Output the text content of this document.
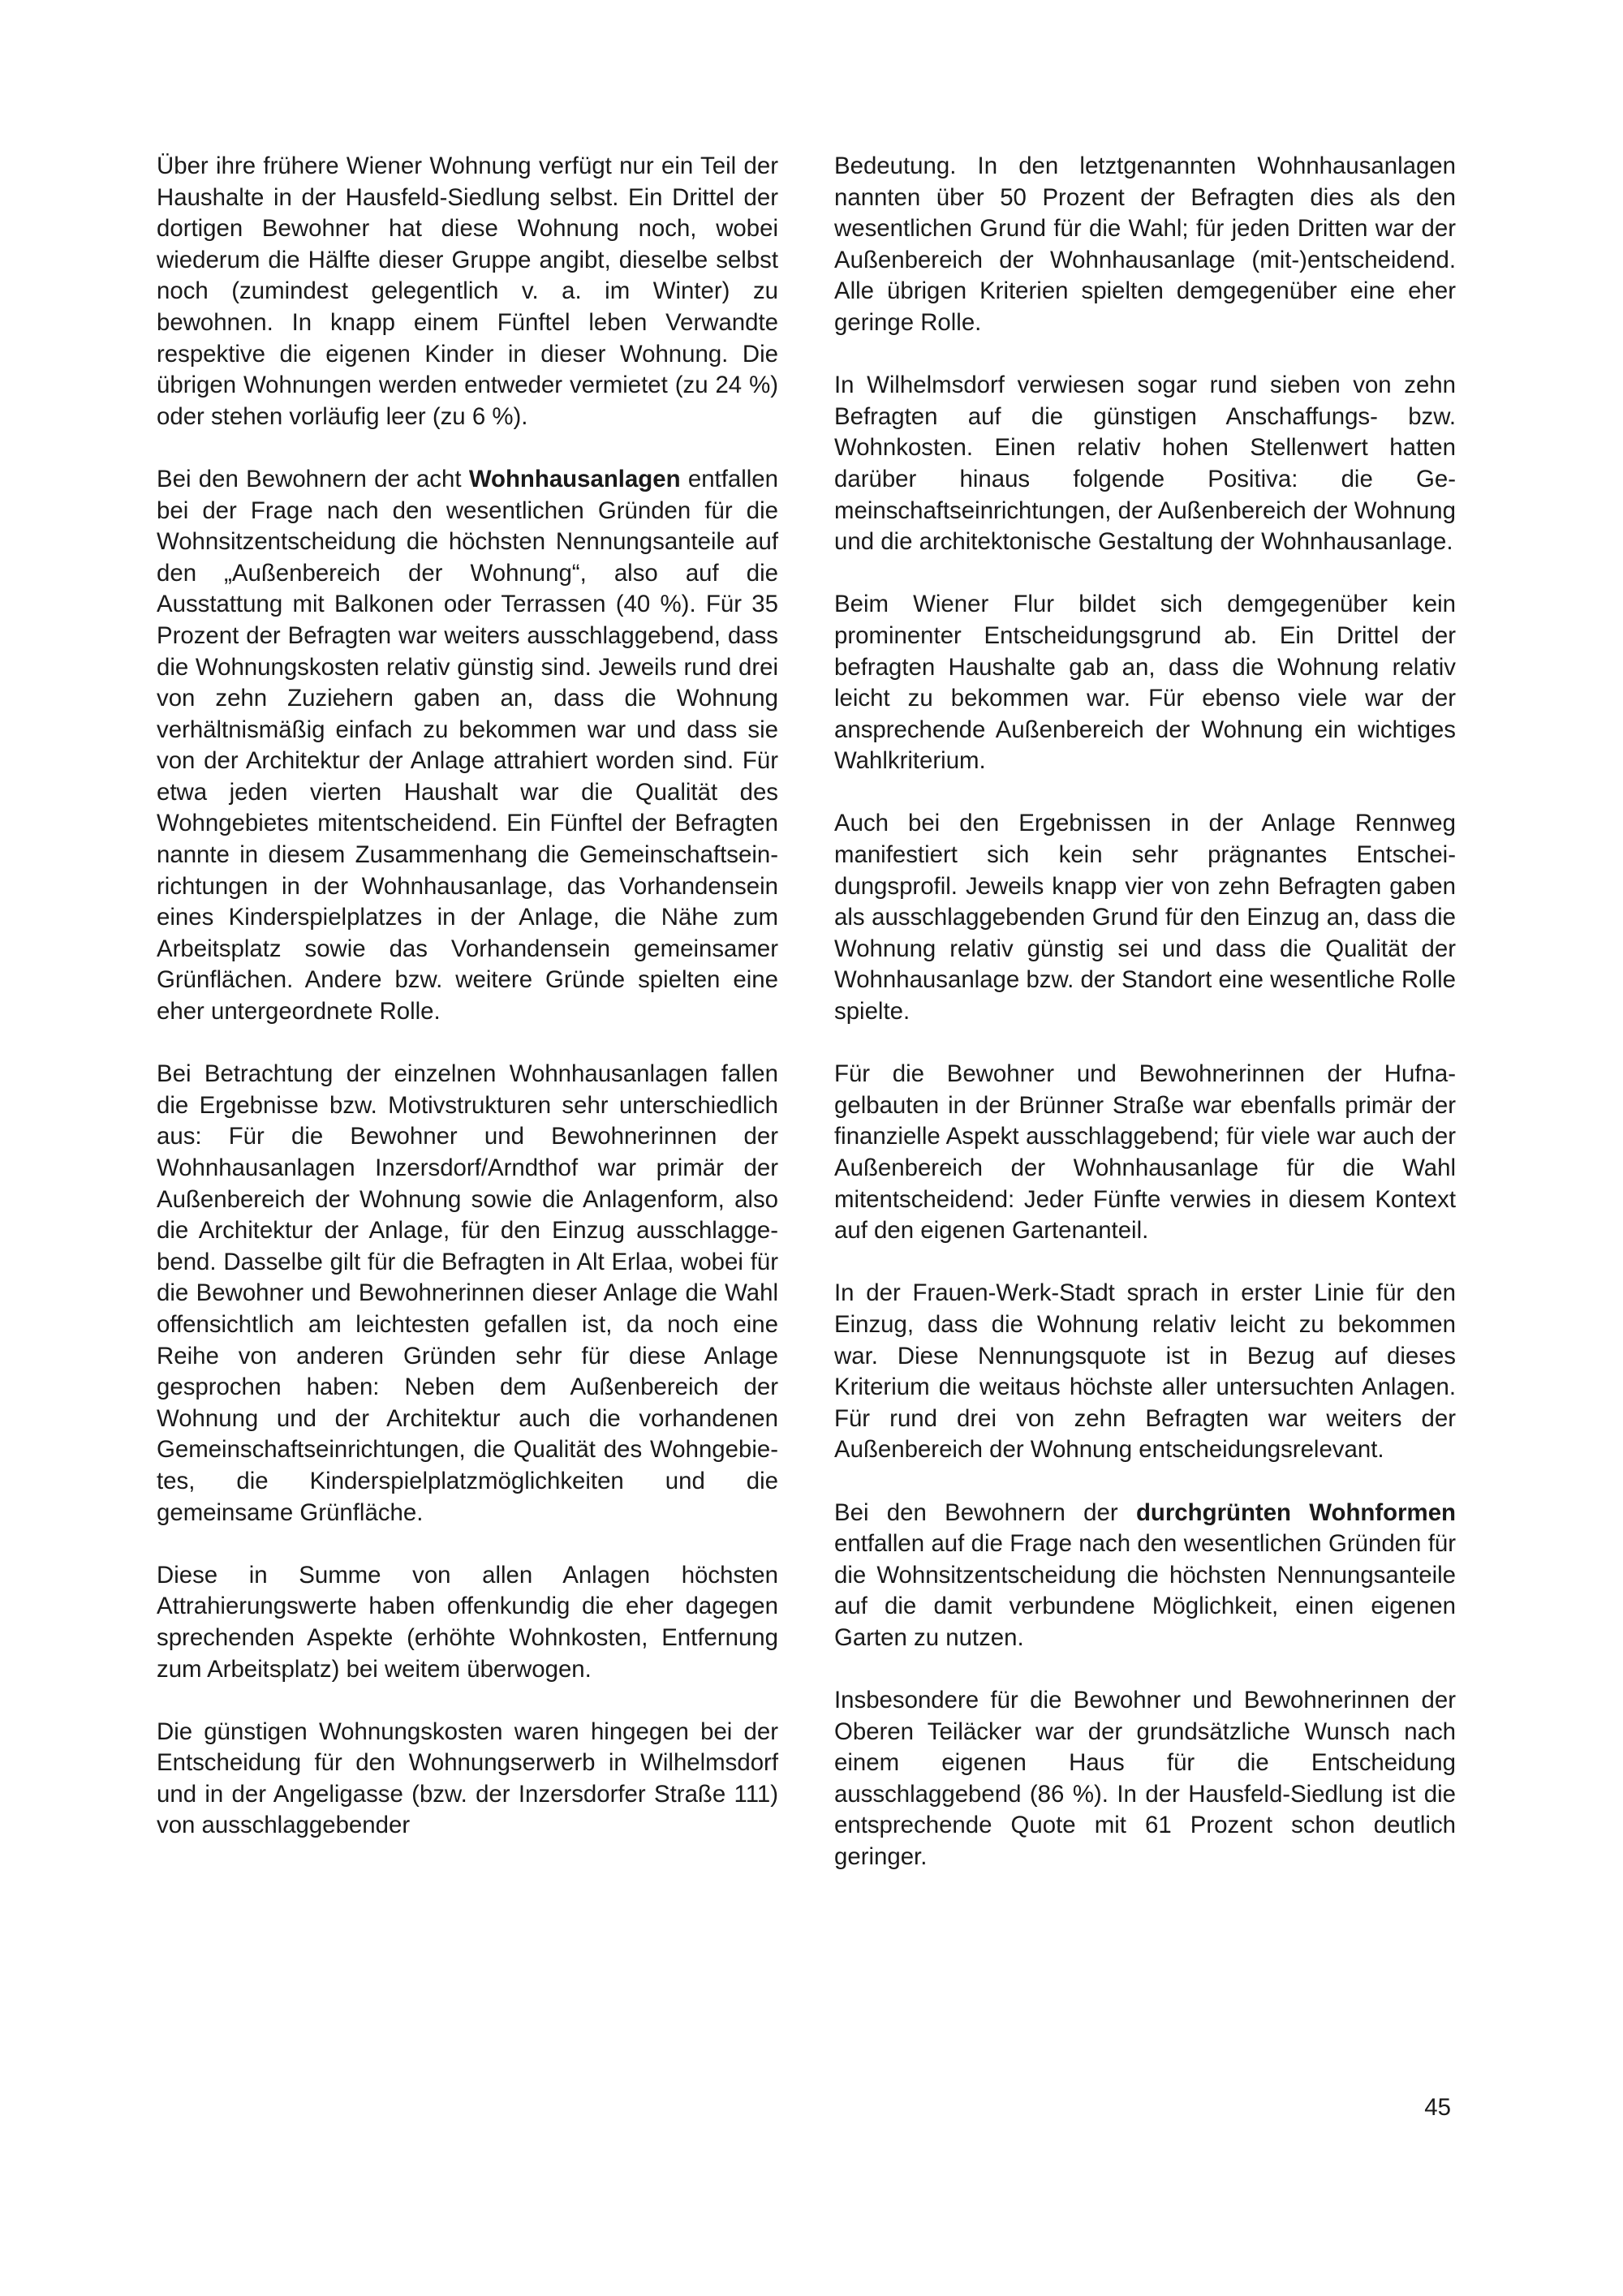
Über ihre frühere Wiener Wohnung verfügt nur ein Teil der Haushalte in der Hausfeld-Siedlung selbst. Ein Drittel der dortigen Bewohner hat diese Wohnung noch, wobei wiederum die Hälfte dieser Gruppe angibt, dieselbe selbst noch (zumindest gelegentlich v. a. im Winter) zu bewohnen. In knapp einem Fünftel leben Verwandte respektive die eigenen Kinder in dieser Wohnung. Die übrigen Wohnungen werden entweder vermietet (zu 24 %) oder stehen vorläufig leer (zu 6 %).

Bei den Bewohnern der acht Wohnhausanlagen entfallen bei der Frage nach den wesentlichen Gründen für die Wohnsitzentscheidung die höchsten Nennungsanteile auf den „Außenbereich der Wohnung“, also auf die Ausstattung mit Balkonen oder Terrassen (40 %). Für 35 Prozent der Befragten war weiters ausschlaggebend, dass die Wohnungskosten relativ günstig sind. Jeweils rund drei von zehn Zuziehern gaben an, dass die Wohnung verhältnismäßig einfach zu bekommen war und dass sie von der Architektur der Anlage attrahiert worden sind. Für etwa jeden vierten Haushalt war die Qualität des Wohngebietes mitentscheidend. Ein Fünftel der Befragten nannte in diesem Zusammenhang die Gemeinschaftseinrichtungen in der Wohnhausanlage, das Vorhandensein eines Kinderspielplatzes in der Anlage, die Nähe zum Arbeitsplatz sowie das Vorhandensein gemeinsamer Grünflächen. Andere bzw. weitere Gründe spielten eine eher untergeordnete Rolle.

Bei Betrachtung der einzelnen Wohnhausanlagen fallen die Ergebnisse bzw. Motivstrukturen sehr unterschiedlich aus: Für die Bewohner und Bewohnerinnen der Wohnhausanlagen Inzersdorf/Arndthof war primär der Außenbereich der Wohnung sowie die Anlagenform, also die Architektur der Anlage, für den Einzug ausschlaggebend. Dasselbe gilt für die Befragten in Alt Erlaa, wobei für die Bewohner und Bewohnerinnen dieser Anlage die Wahl offensichtlich am leichtesten gefallen ist, da noch eine Reihe von anderen Gründen sehr für diese Anlage gesprochen haben: Neben dem Außenbereich der Wohnung und der Architektur auch die vorhandenen Gemeinschaftseinrichtungen, die Qualität des Wohngebietes, die Kinderspielplatzmöglichkeiten und die gemeinsame Grünfläche.

Diese in Summe von allen Anlagen höchsten Attrahierungswerte haben offenkundig die eher dagegen sprechenden Aspekte (erhöhte Wohnkosten, Entfernung zum Arbeitsplatz) bei weitem überwogen.

Die günstigen Wohnungskosten waren hingegen bei der Entscheidung für den Wohnungserwerb in Wilhelmsdorf und in der Angeligasse (bzw. der Inzersdorfer Straße 111) von ausschlaggebender

Bedeutung. In den letztgenannten Wohnhausanlagen nannten über 50 Prozent der Befragten dies als den wesentlichen Grund für die Wahl; für jeden Dritten war der Außenbereich der Wohnhausanlage (mit-)entscheidend. Alle übrigen Kriterien spielten demgegenüber eine eher geringe Rolle.

In Wilhelmsdorf verwiesen sogar rund sieben von zehn Befragten auf die günstigen Anschaffungs- bzw. Wohnkosten. Einen relativ hohen Stellenwert hatten darüber hinaus folgende Positiva: die Gemeinschaftseinrichtungen, der Außenbereich der Wohnung und die architektonische Gestaltung der Wohnhausanlage.

Beim Wiener Flur bildet sich demgegenüber kein prominenter Entscheidungsgrund ab. Ein Drittel der befragten Haushalte gab an, dass die Wohnung relativ leicht zu bekommen war. Für ebenso viele war der ansprechende Außenbereich der Wohnung ein wichtiges Wahlkriterium.

Auch bei den Ergebnissen in der Anlage Rennweg manifestiert sich kein sehr prägnantes Entscheidungsprofil. Jeweils knapp vier von zehn Befragten gaben als ausschlaggebenden Grund für den Einzug an, dass die Wohnung relativ günstig sei und dass die Qualität der Wohnhausanlage bzw. der Standort eine wesentliche Rolle spielte.

Für die Bewohner und Bewohnerinnen der Hufnagelbauten in der Brünner Straße war ebenfalls primär der finanzielle Aspekt ausschlaggebend; für viele war auch der Außenbereich der Wohnhausanlage für die Wahl mitentscheidend: Jeder Fünfte verwies in diesem Kontext auf den eigenen Gartenanteil.

In der Frauen-Werk-Stadt sprach in erster Linie für den Einzug, dass die Wohnung relativ leicht zu bekommen war. Diese Nennungsquote ist in Bezug auf dieses Kriterium die weitaus höchste aller untersuchten Anlagen. Für rund drei von zehn Befragten war weiters der Außenbereich der Wohnung entscheidungsrelevant.

Bei den Bewohnern der durchgrünten Wohnformen entfallen auf die Frage nach den wesentlichen Gründen für die Wohnsitzentscheidung die höchsten Nennungsanteile auf die damit verbundene Möglichkeit, einen eigenen Garten zu nutzen.

Insbesondere für die Bewohner und Bewohnerinnen der Oberen Teiläcker war der grundsätzliche Wunsch nach einem eigenen Haus für die Entscheidung ausschlaggebend (86 %). In der Hausfeld-Siedlung ist die entsprechende Quote mit 61 Prozent schon deutlich geringer.

45
